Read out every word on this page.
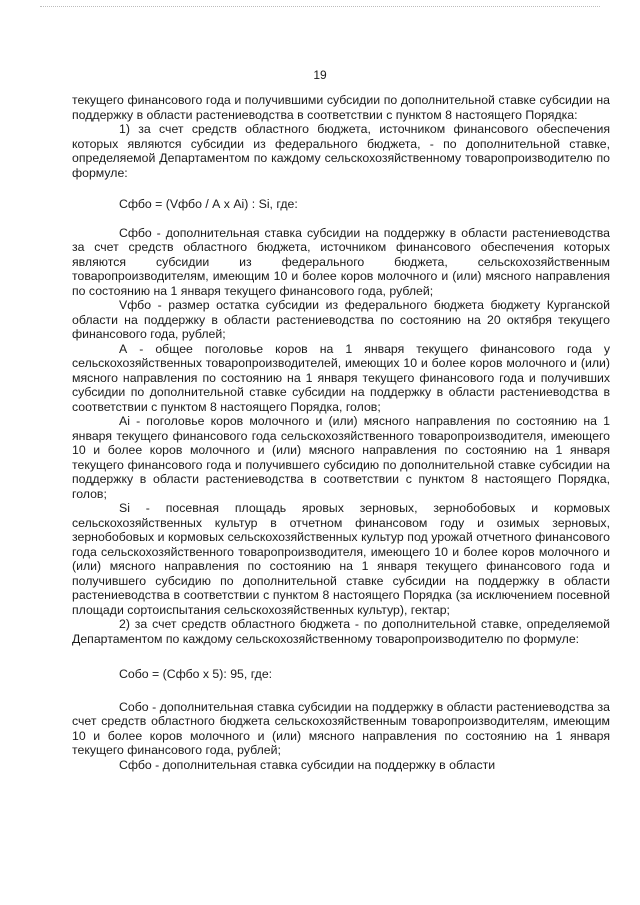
19

текущего финансового года и получившими субсидии по дополнительной ставке субсидии на поддержку в области растениеводства в соответствии с пунктом 8 настоящего Порядка:

1) за счет средств областного бюджета, источником финансового обеспечения которых являются субсидии из федерального бюджета, - по дополнительной ставке, определяемой Департаментом по каждому сельскохозяйственному товаропроизводителю по формуле:

Сфбо = (Vфбо / А x Аi) : Si, где:

Сфбо - дополнительная ставка субсидии на поддержку в области растениеводства за счет средств областного бюджета, источником финансового обеспечения которых являются субсидии из федерального бюджета, сельскохозяйственным товаропроизводителям, имеющим 10 и более коров молочного и (или) мясного направления по состоянию на 1 января текущего финансового года, рублей;

Vфбо - размер остатка субсидии из федерального бюджета бюджету Курганской области на поддержку в области растениеводства по состоянию на 20 октября текущего финансового года, рублей;

А - общее поголовье коров на 1 января текущего финансового года у сельскохозяйственных товаропроизводителей, имеющих 10 и более коров молочного и (или) мясного направления по состоянию на 1 января текущего финансового года и получивших субсидии по дополнительной ставке субсидии на поддержку в области растениеводства в соответствии с пунктом 8 настоящего Порядка, голов;

Аi - поголовье коров молочного и (или) мясного направления по состоянию на 1 января текущего финансового года сельскохозяйственного товаропроизводителя, имеющего 10 и более коров молочного и (или) мясного направления по состоянию на 1 января текущего финансового года и получившего субсидию по дополнительной ставке субсидии на поддержку в области растениеводства в соответствии с пунктом 8 настоящего Порядка, голов;

Si - посевная площадь яровых зерновых, зернобобовых и кормовых сельскохозяйственных культур в отчетном финансовом году и озимых зерновых, зернобобовых и кормовых сельскохозяйственных культур под урожай отчетного финансового года сельскохозяйственного товаропроизводителя, имеющего 10 и более коров молочного и (или) мясного направления по состоянию на 1 января текущего финансового года и получившего субсидию по дополнительной ставке субсидии на поддержку в области растениеводства в соответствии с пунктом 8 настоящего Порядка (за исключением посевной площади сортоиспытания сельскохозяйственных культур), гектар;

2) за счет средств областного бюджета - по дополнительной ставке, определяемой Департаментом по каждому сельскохозяйственному товаропроизводителю по формуле:

Собо = (Сфбо x 5): 95, где:

Собо - дополнительная ставка субсидии на поддержку в области растениеводства за счет средств областного бюджета сельскохозяйственным товаропроизводителям, имеющим 10 и более коров молочного и (или) мясного направления по состоянию на 1 января текущего финансового года, рублей;

Сфбо - дополнительная ставка субсидии на поддержку в области
